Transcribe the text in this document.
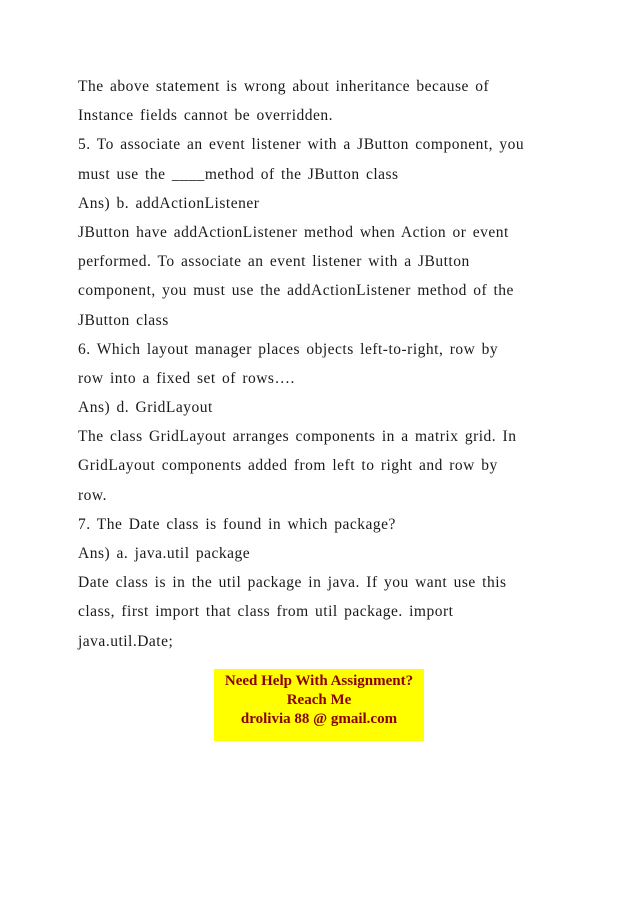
The above statement is wrong about inheritance because of
Instance fields cannot be overridden.
5. To associate an event listener with a JButton component, you
must use the ____method of the JButton class
Ans) b. addActionListener
JButton have addActionListener method when Action or event
performed. To associate an event listener with a JButton
component, you must use the addActionListener method of the
JButton class
6. Which layout manager places objects left-to-right, row by
row into a fixed set of rows….
Ans) d. GridLayout
The class GridLayout arranges components in a matrix grid. In
GridLayout components added from left to right and row by
row.
7. The Date class is found in which package?
Ans) a. java.util package
Date class is in the util package in java. If you want use this
class, first import that class from util package. import
java.util.Date;
Need Help With Assignment?
Reach Me
drolivia 88 @ gmail.com
